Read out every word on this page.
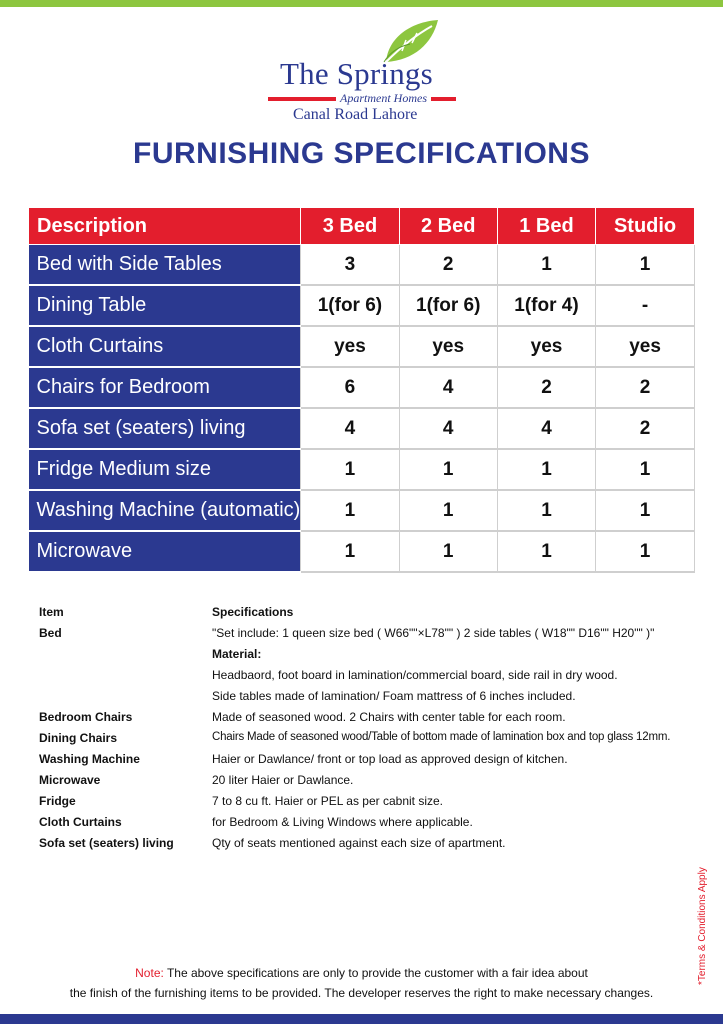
The Springs
Apartment Homes
Canal Road Lahore
FURNISHING SPECIFICATIONS
Description	3 Bed	2 Bed	1 Bed	Studio
Bed with Side Tables	3	2	1	1
Dining Table	1(for 6)	1(for 6)	1(for 4)	-
Cloth Curtains	yes	yes	yes	yes
Chairs for Bedroom	6	4	2	2
Sofa set (seaters) living	4	4	4	2
Fridge Medium size	1	1	1	1
Washing Machine (automatic)	1	1	1	1
Microwave	1	1	1	1
Item	Specifications
Bed	"Set include: 1 queen size bed ( W66""×L78"" ) 2 side tables ( W18"" D16"" H20"" )"
Material:
Headbaord, foot board in lamination/commercial board, side rail in dry wood.
Side tables made of lamination/ Foam mattress of 6 inches included.
Bedroom Chairs	Made of seasoned wood. 2 Chairs with center table for each room.
Dining Chairs	Chairs Made of seasoned wood/Table of bottom made of lamination box and top glass 12mm.
Washing Machine	Haier or Dawlance/ front or top load as approved design of kitchen.
Microwave	20 liter Haier or Dawlance.
Fridge	7 to 8 cu ft. Haier or PEL as per cabnit size.
Cloth Curtains	for Bedroom & Living Windows where applicable.
Sofa set (seaters) living	Qty of seats mentioned against each size of apartment.
*Terms & Conditions Apply
Note: The above specifications are only to provide the customer with a fair idea about
the finish of the furnishing items to be provided. The developer reserves the right to make necessary changes.
